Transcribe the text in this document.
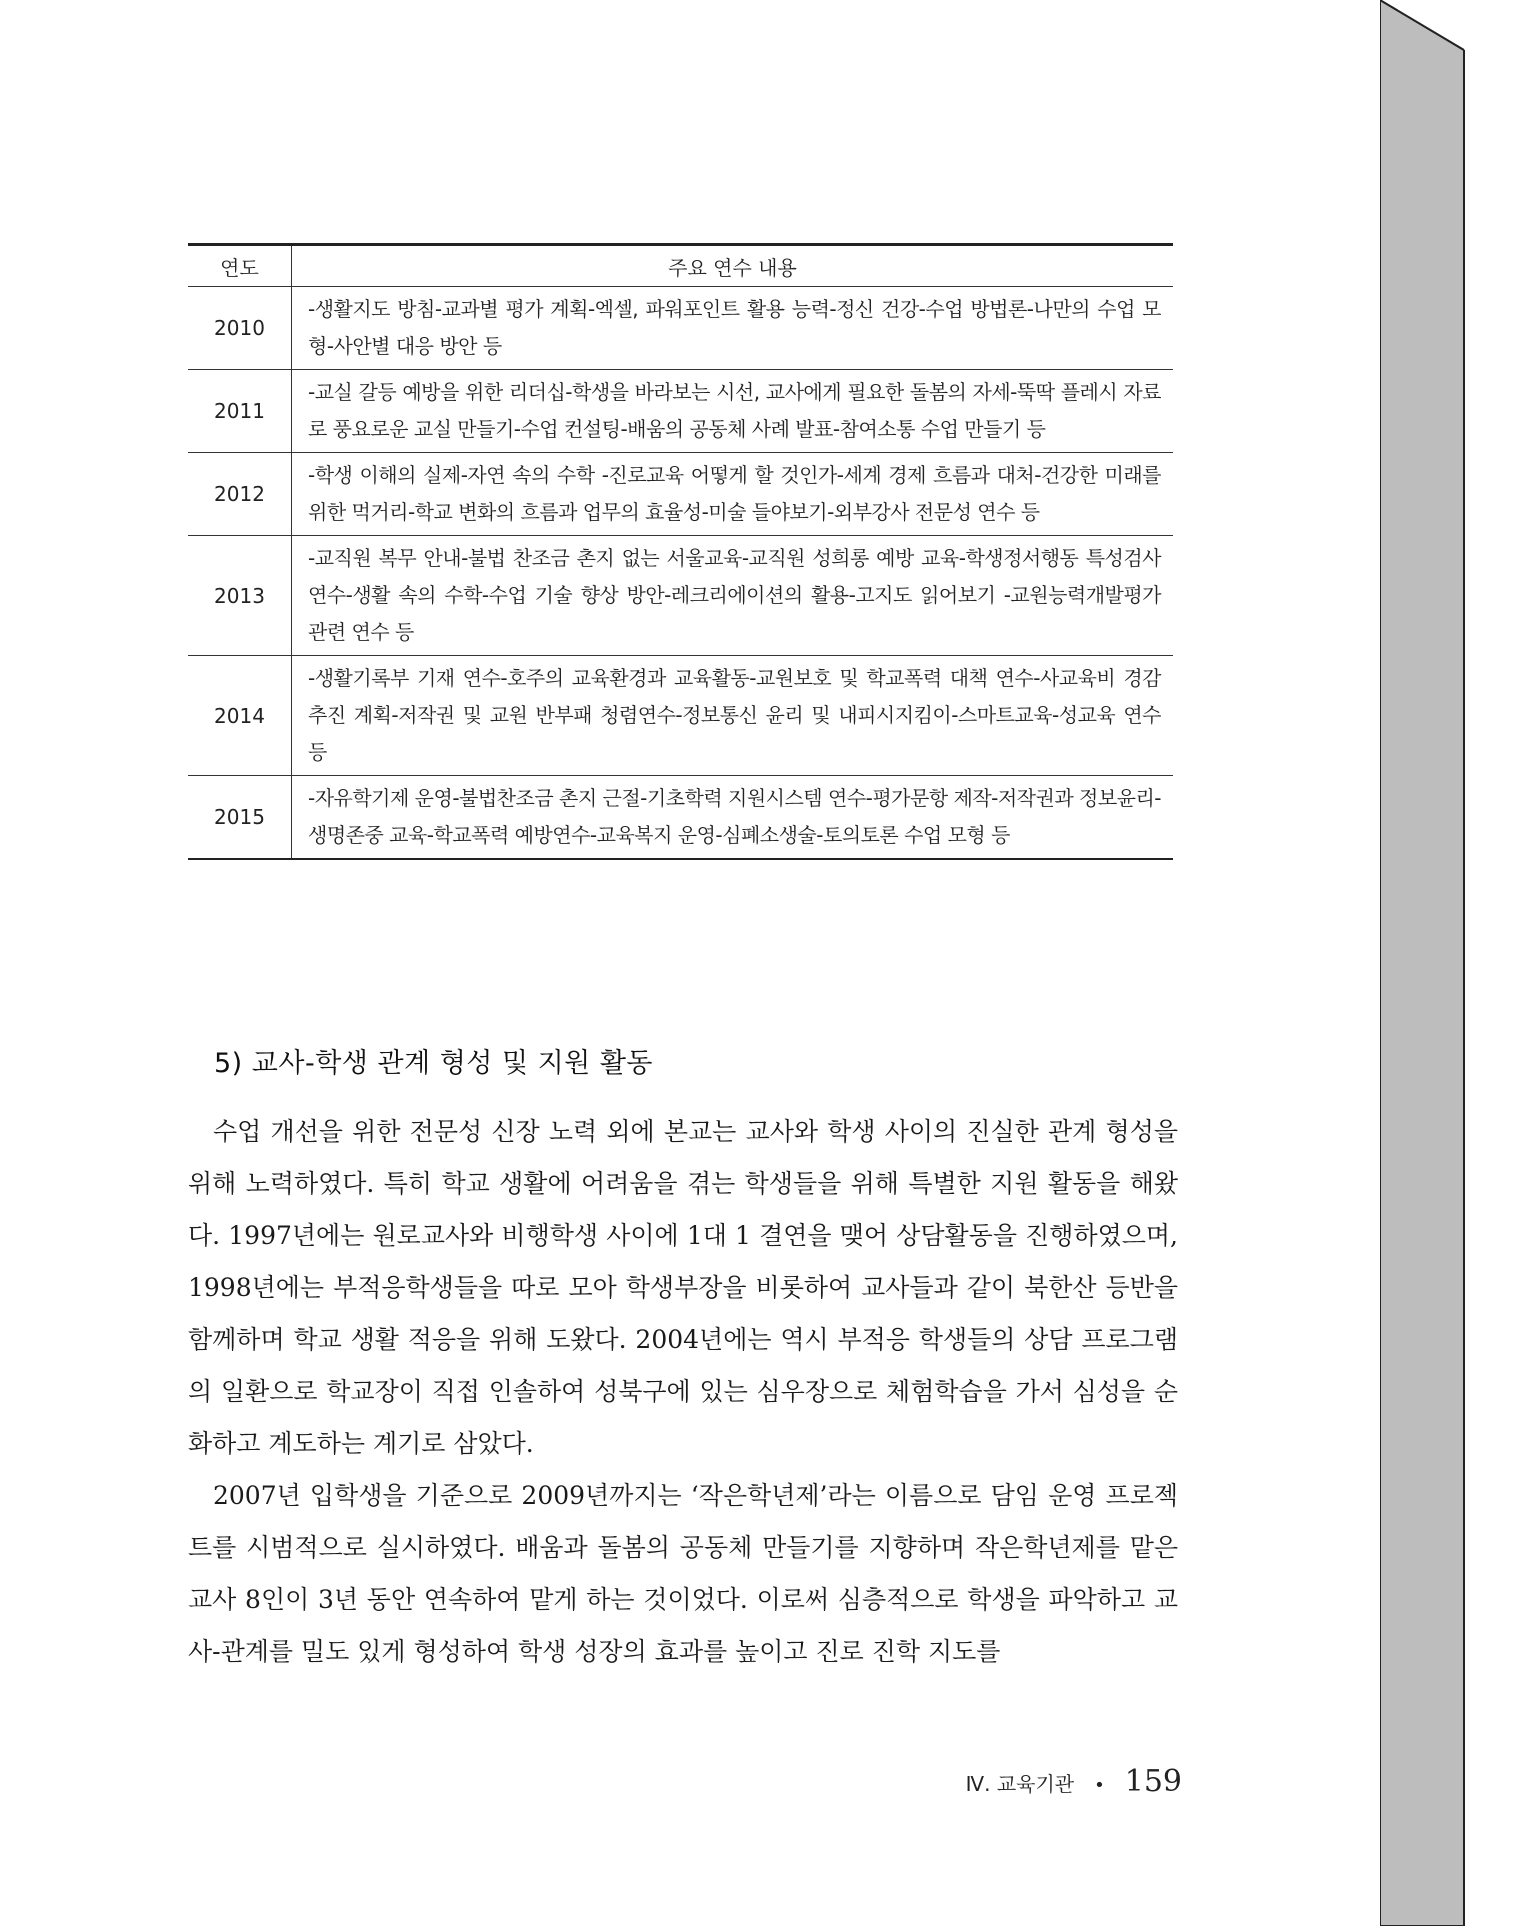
연도	주요 연수 내용
2010	-생활지도 방침-교과별 평가 계획-엑셀, 파워포인트 활용 능력-정신 건강-수업 방법론-나만의 수업 모형-사안별 대응 방안 등
2011	-교실 갈등 예방을 위한 리더십-학생을 바라보는 시선, 교사에게 필요한 돌봄의 자세-뚝딱 플레시 자료로 풍요로운 교실 만들기-수업 컨설팅-배움의 공동체 사례 발표-참여소통 수업 만들기 등
2012	-학생 이해의 실제-자연 속의 수학 -진로교육 어떻게 할 것인가-세계 경제 흐름과 대처-건강한 미래를 위한 먹거리-학교 변화의 흐름과 업무의 효율성-미술 들야보기-외부강사 전문성 연수 등
2013	-교직원 복무 안내-불법 찬조금 촌지 없는 서울교육-교직원 성희롱 예방 교육-학생정서행동 특성검사 연수-생활 속의 수학-수업 기술 향상 방안-레크리에이션의 활용-고지도 읽어보기 -교원능력개발평가 관련 연수 등
2014	-생활기록부 기재 연수-호주의 교육환경과 교육활동-교원보호 및 학교폭력 대책 연수-사교육비 경감 추진 계획-저작권 및 교원 반부패 청렴연수-정보통신 윤리 및 내피시지킴이-스마트교육-성교육 연수 등
2015	-자유학기제 운영-불법찬조금 촌지 근절-기초학력 지원시스템 연수-평가문항 제작-저작권과 정보윤리-생명존중 교육-학교폭력 예방연수-교육복지 운영-심폐소생술-토의토론 수업 모형 등
5) 교사-학생 관계 형성 및 지원 활동

수업 개선을 위한 전문성 신장 노력 외에 본교는 교사와 학생 사이의 진실한 관계 형성을 위해 노력하였다. 특히 학교 생활에 어려움을 겪는 학생들을 위해 특별한 지원 활동을 해왔다. 1997년에는 원로교사와 비행학생 사이에 1대 1 결연을 맺어 상담활동을 진행하였으며, 1998년에는 부적응학생들을 따로 모아 학생부장을 비롯하여 교사들과 같이 북한산 등반을 함께하며 학교 생활 적응을 위해 도왔다. 2004년에는 역시 부적응 학생들의 상담 프로그램의 일환으로 학교장이 직접 인솔하여 성북구에 있는 심우장으로 체험학습을 가서 심성을 순화하고 계도하는 계기로 삼았다.

2007년 입학생을 기준으로 2009년까지는 ‘작은학년제’라는 이름으로 담임 운영 프로젝트를 시범적으로 실시하였다. 배움과 돌봄의 공동체 만들기를 지향하며 작은학년제를 맡은 교사 8인이 3년 동안 연속하여 맡게 하는 것이었다. 이로써 심층적으로 학생을 파악하고 교사-관계를 밀도 있게 형성하여 학생 성장의 효과를 높이고 진로 진학 지도를

Ⅳ. 교육기관 • 159
